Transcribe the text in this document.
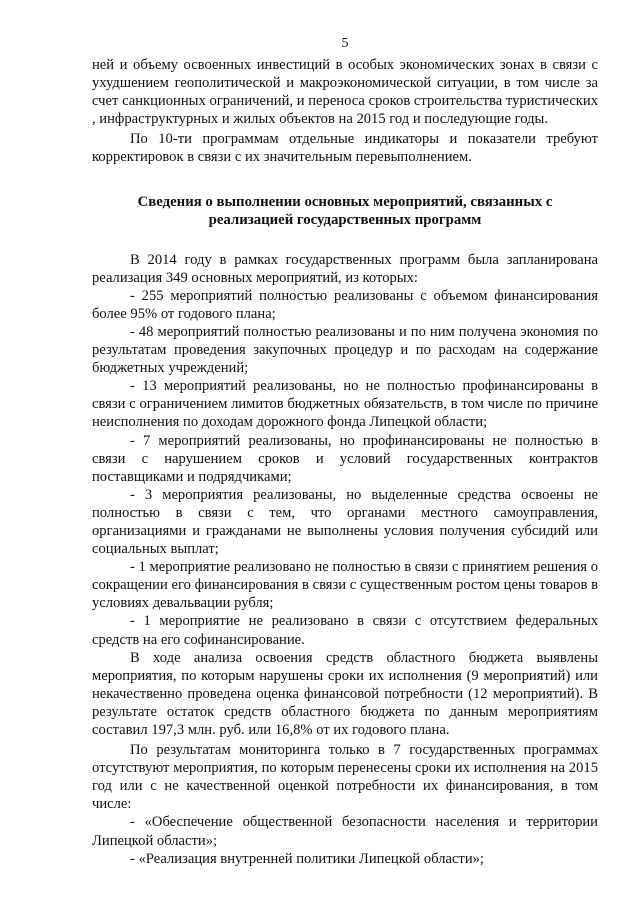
5

ней и объему освоенных инвестиций в особых экономических зонах в связи с ухудшением геополитической и макроэкономической ситуации, в том числе за счет санкционных ограничений, и переноса сроков строительства туристических , инфраструктурных и жилых объектов на 2015 год и последующие годы.

По 10-ти программам отдельные индикаторы и показатели требуют корректировок в связи с их значительным перевыполнением.

Сведения о выполнении основных мероприятий, связанных с реализацией государственных программ

В 2014 году в рамках государственных программ была запланирована реализация 349 основных мероприятий, из которых:

- 255 мероприятий полностью реализованы с объемом финансирования более 95% от годового плана;

- 48 мероприятий полностью реализованы и по ним получена экономия по результатам проведения закупочных процедур и по расходам на содержание бюджетных учреждений;

- 13 мероприятий реализованы, но не полностью профинансированы в связи с ограничением лимитов бюджетных обязательств, в том числе по причине неисполнения по доходам дорожного фонда Липецкой области;

- 7 мероприятий реализованы, но профинансированы не полностью в связи с нарушением сроков и условий государственных контрактов поставщиками и подрядчиками;

- 3 мероприятия реализованы, но выделенные средства освоены не полностью в связи с тем, что органами местного самоуправления, организациями и гражданами не выполнены условия получения субсидий или социальных выплат;

- 1 мероприятие реализовано не полностью в связи с принятием решения о сокращении его финансирования в связи с существенным ростом цены товаров в условиях девальвации рубля;

- 1 мероприятие не реализовано в связи с отсутствием федеральных средств на его софинансирование.

В ходе анализа освоения средств областного бюджета выявлены мероприятия, по которым нарушены сроки их исполнения (9 мероприятий) или некачественно проведена оценка финансовой потребности (12 мероприятий). В результате остаток средств областного бюджета по данным мероприятиям составил 197,3 млн. руб. или 16,8% от их годового плана.

По результатам мониторинга только в 7 государственных программах отсутствуют мероприятия, по которым перенесены сроки их исполнения на 2015 год или с не качественной оценкой потребности их финансирования, в том числе:

- «Обеспечение общественной безопасности населения и территории Липецкой области»;

- «Реализация внутренней политики Липецкой области»;
